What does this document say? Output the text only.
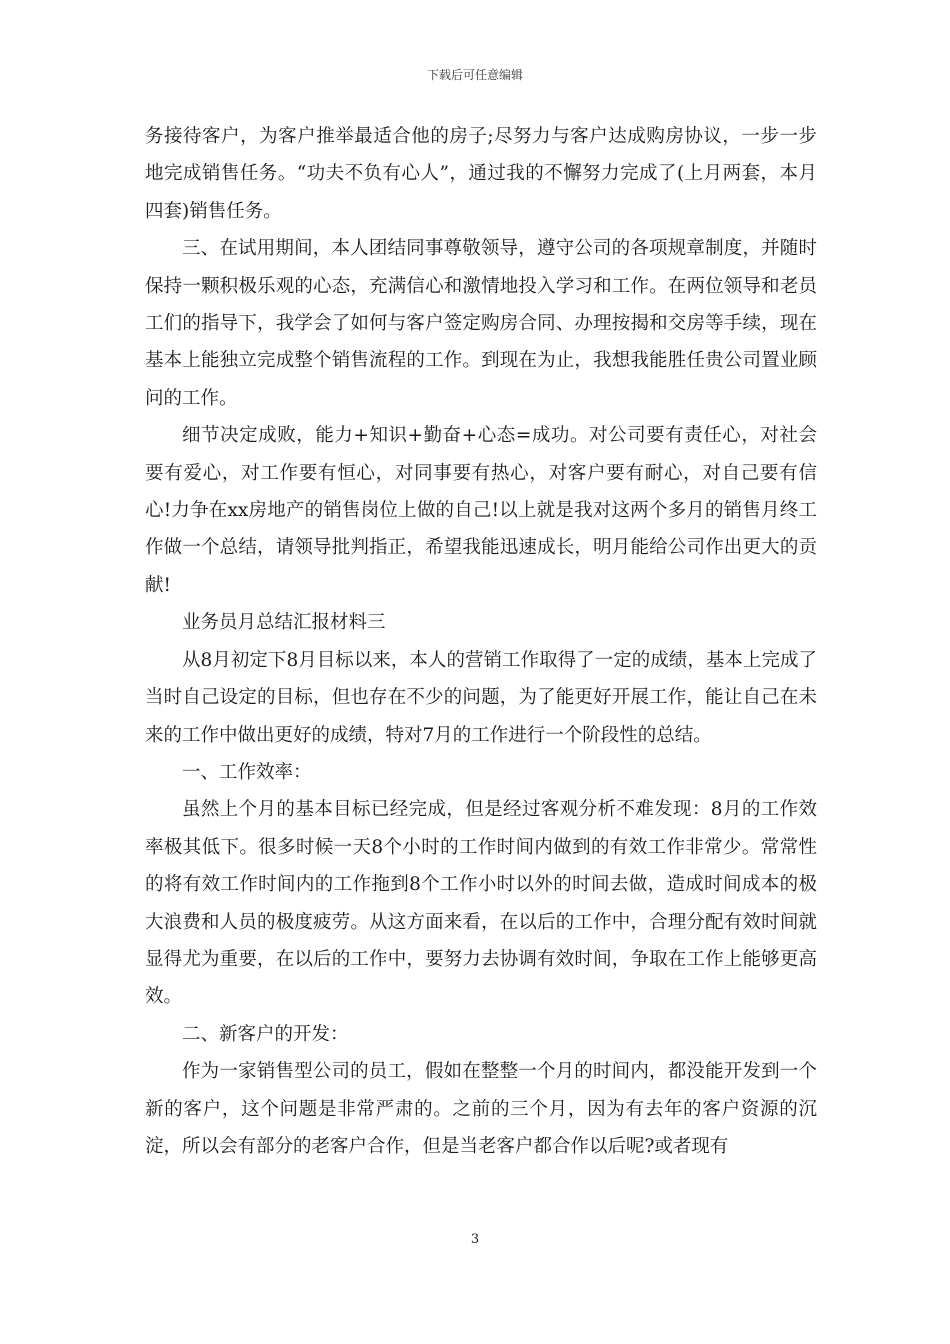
下载后可任意编辑

务接待客户，为客户推举最适合他的房子;尽努力与客户达成购房协议，一步一步地完成销售任务。“功夫不负有心人”，通过我的不懈努力完成了(上月两套，本月四套)销售任务。

三、在试用期间，本人团结同事尊敬领导，遵守公司的各项规章制度，并随时保持一颗积极乐观的心态，充满信心和激情地投入学习和工作。在两位领导和老员工们的指导下，我学会了如何与客户签定购房合同、办理按揭和交房等手续，现在基本上能独立完成整个销售流程的工作。到现在为止，我想我能胜任贵公司置业顾问的工作。

细节决定成败，能力+知识+勤奋+心态=成功。对公司要有责任心，对社会要有爱心，对工作要有恒心，对同事要有热心，对客户要有耐心，对自己要有信心!力争在xx房地产的销售岗位上做的自己!以上就是我对这两个多月的销售月终工作做一个总结，请领导批判指正，希望我能迅速成长，明月能给公司作出更大的贡献!

业务员月总结汇报材料三

从8月初定下8月目标以来，本人的营销工作取得了一定的成绩，基本上完成了当时自己设定的目标，但也存在不少的问题，为了能更好开展工作，能让自己在未来的工作中做出更好的成绩，特对7月的工作进行一个阶段性的总结。

一、工作效率：

虽然上个月的基本目标已经完成，但是经过客观分析不难发现：8月的工作效率极其低下。很多时候一天8个小时的工作时间内做到的有效工作非常少。常常性的将有效工作时间内的工作拖到8个工作小时以外的时间去做，造成时间成本的极大浪费和人员的极度疲劳。从这方面来看，在以后的工作中，合理分配有效时间就显得尤为重要，在以后的工作中，要努力去协调有效时间，争取在工作上能够更高效。

二、新客户的开发：

作为一家销售型公司的员工，假如在整整一个月的时间内，都没能开发到一个新的客户，这个问题是非常严肃的。之前的三个月，因为有去年的客户资源的沉淀，所以会有部分的老客户合作，但是当老客户都合作以后呢?或者现有

3
